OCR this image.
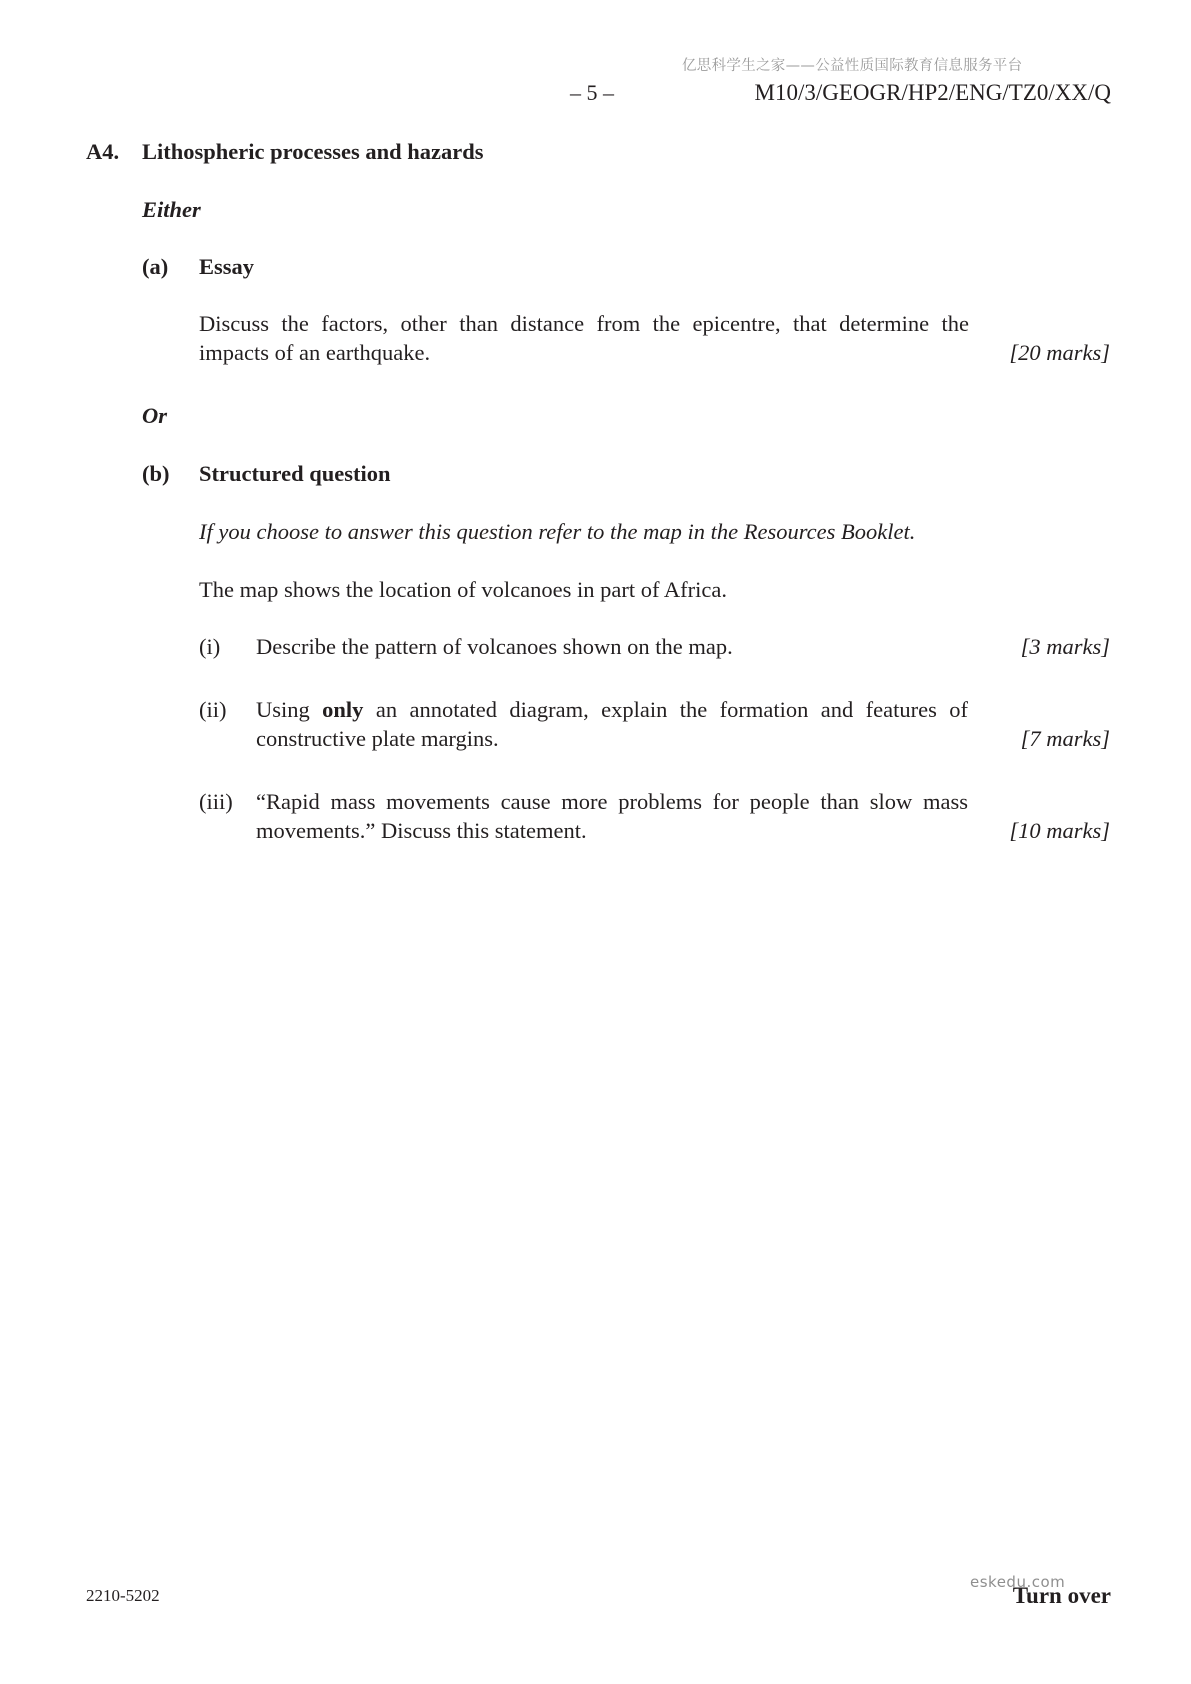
亿思科学生之家——公益性质国际教育信息服务平台
– 5 –	M10/3/GEOGR/HP2/ENG/TZ0/XX/Q
A4. Lithospheric processes and hazards
Either
(a) Essay
Discuss the factors, other than distance from the epicentre, that determine the impacts of an earthquake.	[20 marks]
Or
(b) Structured question
If you choose to answer this question refer to the map in the Resources Booklet.
The map shows the location of volcanoes in part of Africa.
(i) Describe the pattern of volcanoes shown on the map.	[3 marks]
(ii) Using only an annotated diagram, explain the formation and features of constructive plate margins.	[7 marks]
(iii) “Rapid mass movements cause more problems for people than slow mass movements.” Discuss this statement.	[10 marks]
2210-5202	Turn over
eskedu.com
